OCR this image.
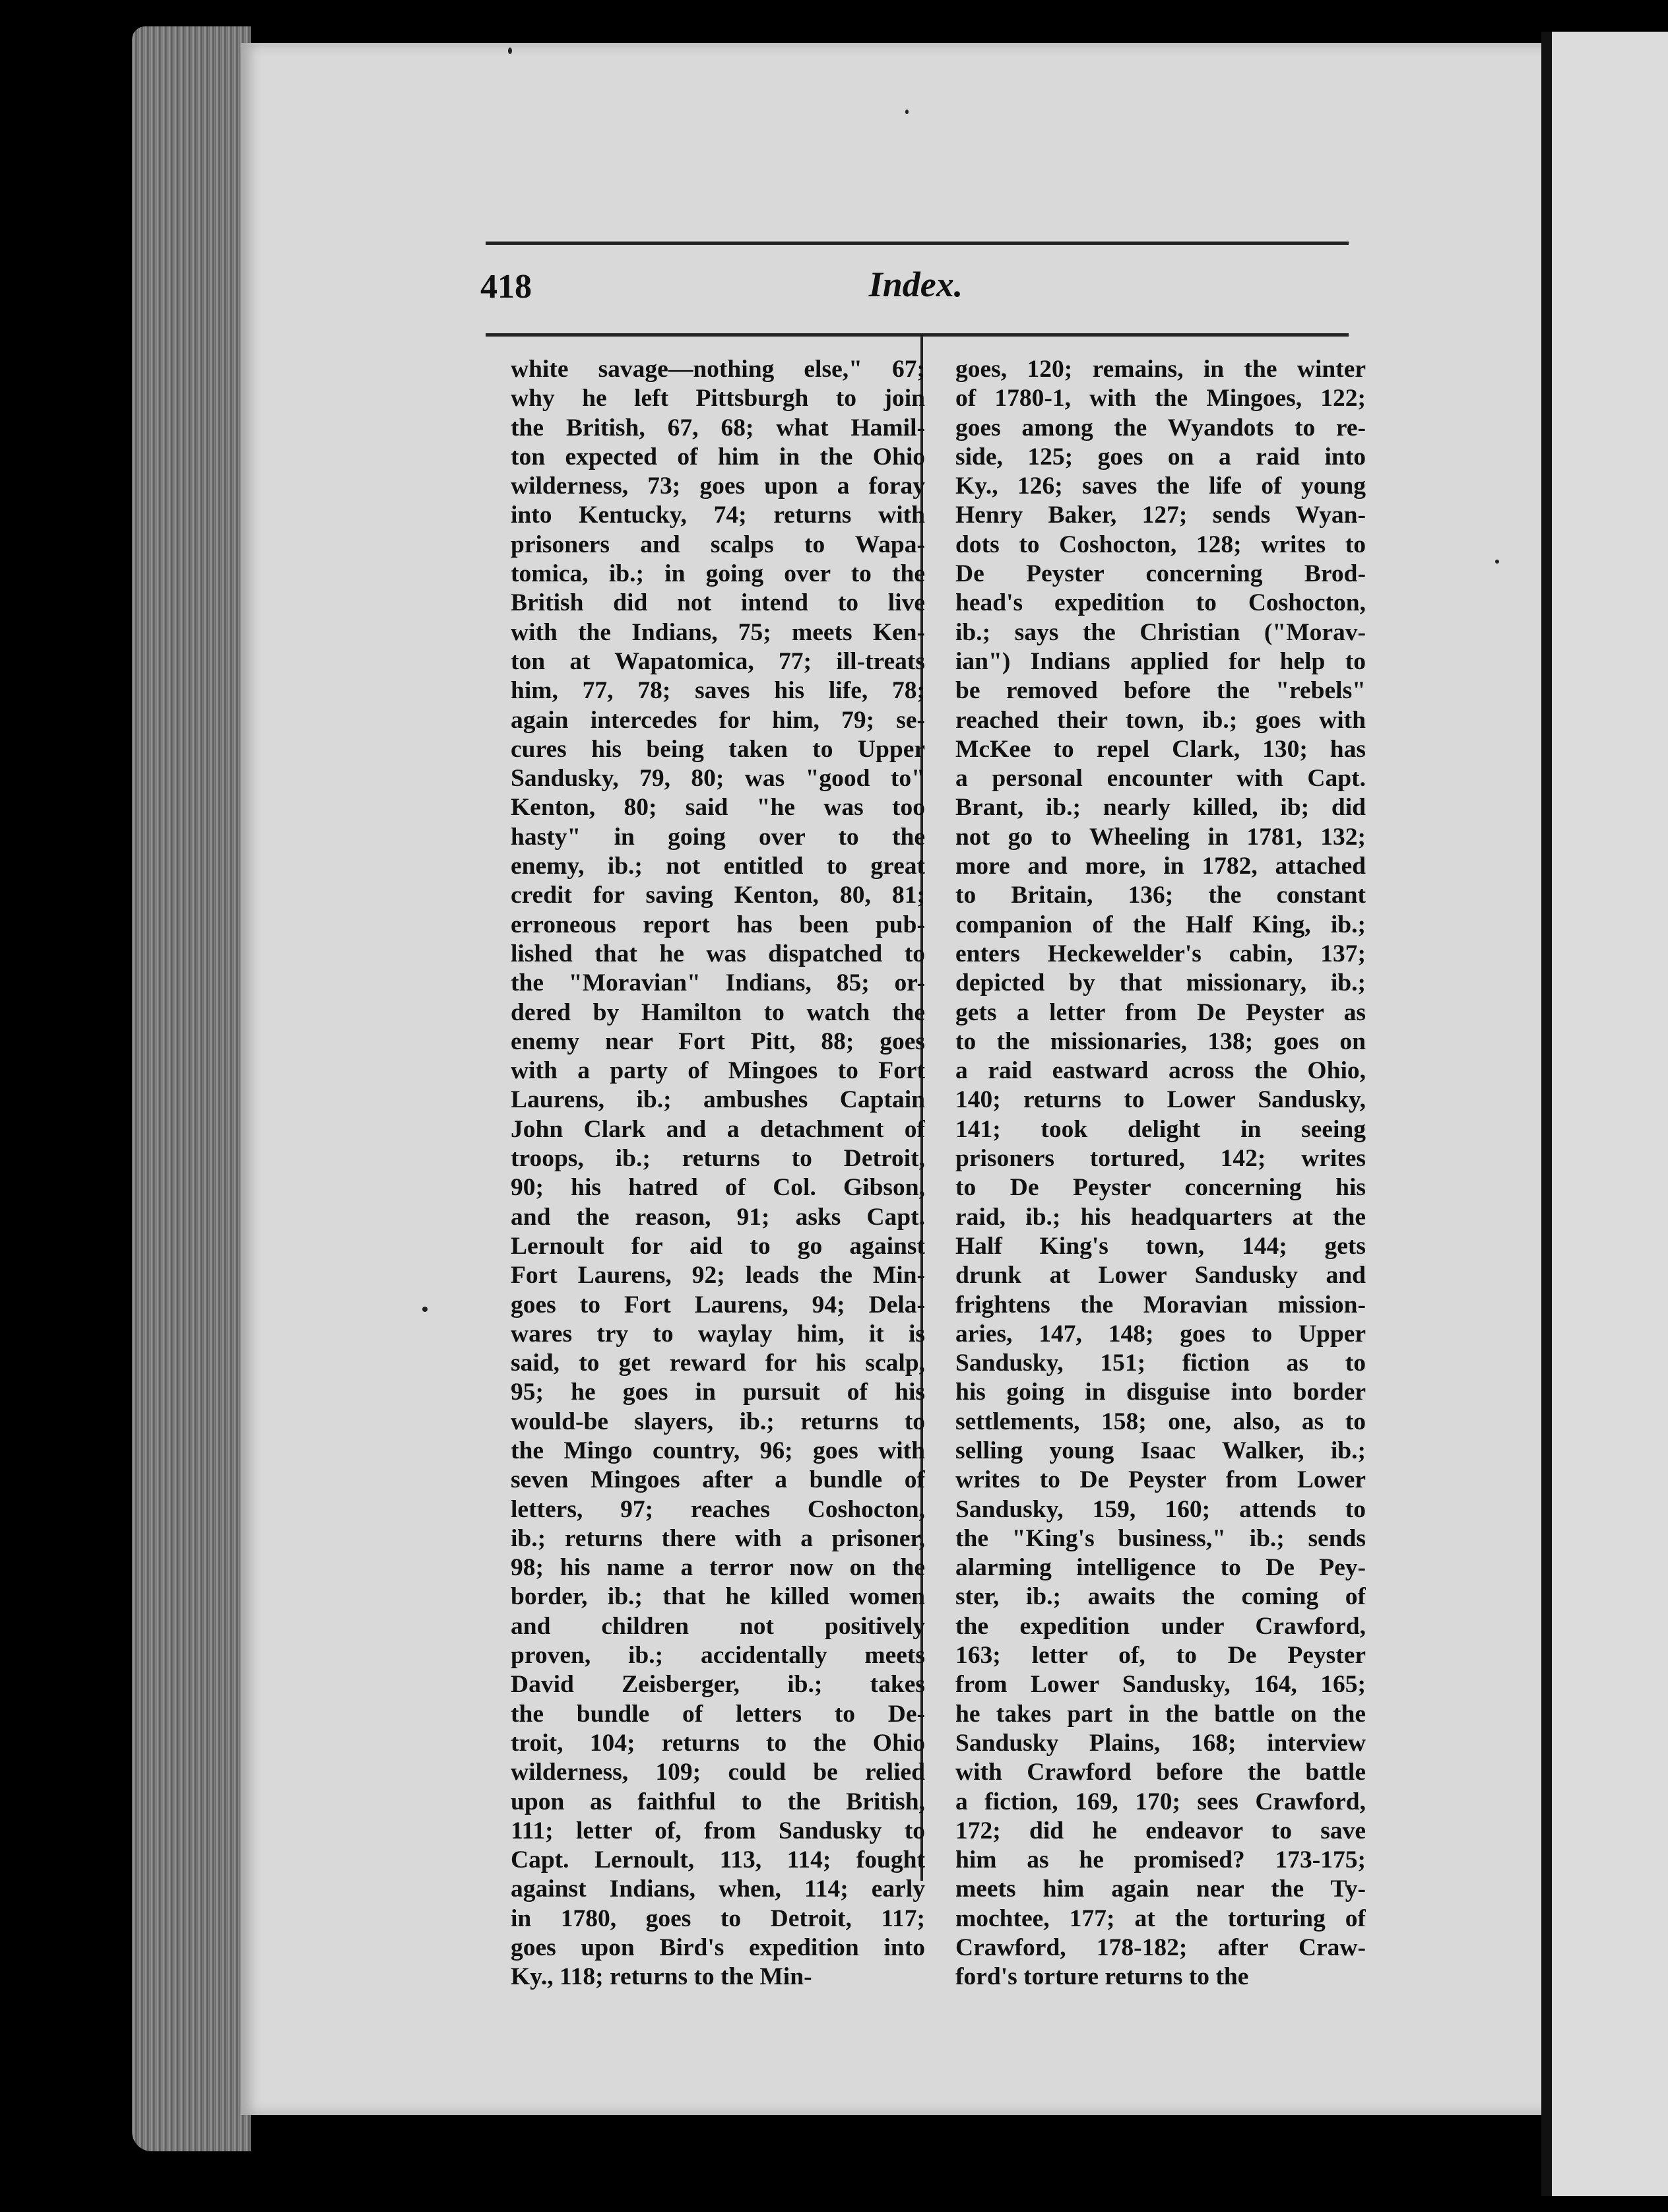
418	Index.
white savage—nothing else," 67;
why he left Pittsburgh to join
the British, 67, 68; what Hamil-
ton expected of him in the Ohio
wilderness, 73; goes upon a foray
into Kentucky, 74; returns with
prisoners and scalps to Wapa-
tomica, ib.; in going over to the
British did not intend to live
with the Indians, 75; meets Ken-
ton at Wapatomica, 77; ill-treats
him, 77, 78; saves his life, 78;
again intercedes for him, 79; se-
cures his being taken to Upper
Sandusky, 79, 80; was "good to"
Kenton, 80; said "he was too
hasty" in going over to the
enemy, ib.; not entitled to great
credit for saving Kenton, 80, 81;
erroneous report has been pub-
lished that he was dispatched to
the "Moravian" Indians, 85; or-
dered by Hamilton to watch the
enemy near Fort Pitt, 88; goes
with a party of Mingoes to Fort
Laurens, ib.; ambushes Captain
John Clark and a detachment of
troops, ib.; returns to Detroit,
90; his hatred of Col. Gibson,
and the reason, 91; asks Capt.
Lernoult for aid to go against
Fort Laurens, 92; leads the Min-
goes to Fort Laurens, 94; Dela-
wares try to waylay him, it is
said, to get reward for his scalp,
95; he goes in pursuit of his
would-be slayers, ib.; returns to
the Mingo country, 96; goes with
seven Mingoes after a bundle of
letters, 97; reaches Coshocton,
ib.; returns there with a prisoner,
98; his name a terror now on the
border, ib.; that he killed women
and children not positively
proven, ib.; accidentally meets
David Zeisberger, ib.; takes
the bundle of letters to De-
troit, 104; returns to the Ohio
wilderness, 109; could be relied
upon as faithful to the British,
111; letter of, from Sandusky to
Capt. Lernoult, 113, 114; fought
against Indians, when, 114; early
in 1780, goes to Detroit, 117;
goes upon Bird's expedition into
Ky., 118; returns to the Min-
goes, 120; remains, in the winter
of 1780-1, with the Mingoes, 122;
goes among the Wyandots to re-
side, 125; goes on a raid into
Ky., 126; saves the life of young
Henry Baker, 127; sends Wyan-
dots to Coshocton, 128; writes to
De Peyster concerning Brod-
head's expedition to Coshocton,
ib.; says the Christian ("Morav-
ian") Indians applied for help to
be removed before the "rebels"
reached their town, ib.; goes with
McKee to repel Clark, 130; has
a personal encounter with Capt.
Brant, ib.; nearly killed, ib; did
not go to Wheeling in 1781, 132;
more and more, in 1782, attached
to Britain, 136; the constant
companion of the Half King, ib.;
enters Heckewelder's cabin, 137;
depicted by that missionary, ib.;
gets a letter from De Peyster as
to the missionaries, 138; goes on
a raid eastward across the Ohio,
140; returns to Lower Sandusky,
141; took delight in seeing
prisoners tortured, 142; writes
to De Peyster concerning his
raid, ib.; his headquarters at the
Half King's town, 144; gets
drunk at Lower Sandusky and
frightens the Moravian mission-
aries, 147, 148; goes to Upper
Sandusky, 151; fiction as to
his going in disguise into border
settlements, 158; one, also, as to
selling young Isaac Walker, ib.;
writes to De Peyster from Lower
Sandusky, 159, 160; attends to
the "King's business," ib.; sends
alarming intelligence to De Pey-
ster, ib.; awaits the coming of
the expedition under Crawford,
163; letter of, to De Peyster
from Lower Sandusky, 164, 165;
he takes part in the battle on the
Sandusky Plains, 168; interview
with Crawford before the battle
a fiction, 169, 170; sees Crawford,
172; did he endeavor to save
him as he promised? 173-175;
meets him again near the Ty-
mochtee, 177; at the torturing of
Crawford, 178-182; after Craw-
ford's torture returns to the
